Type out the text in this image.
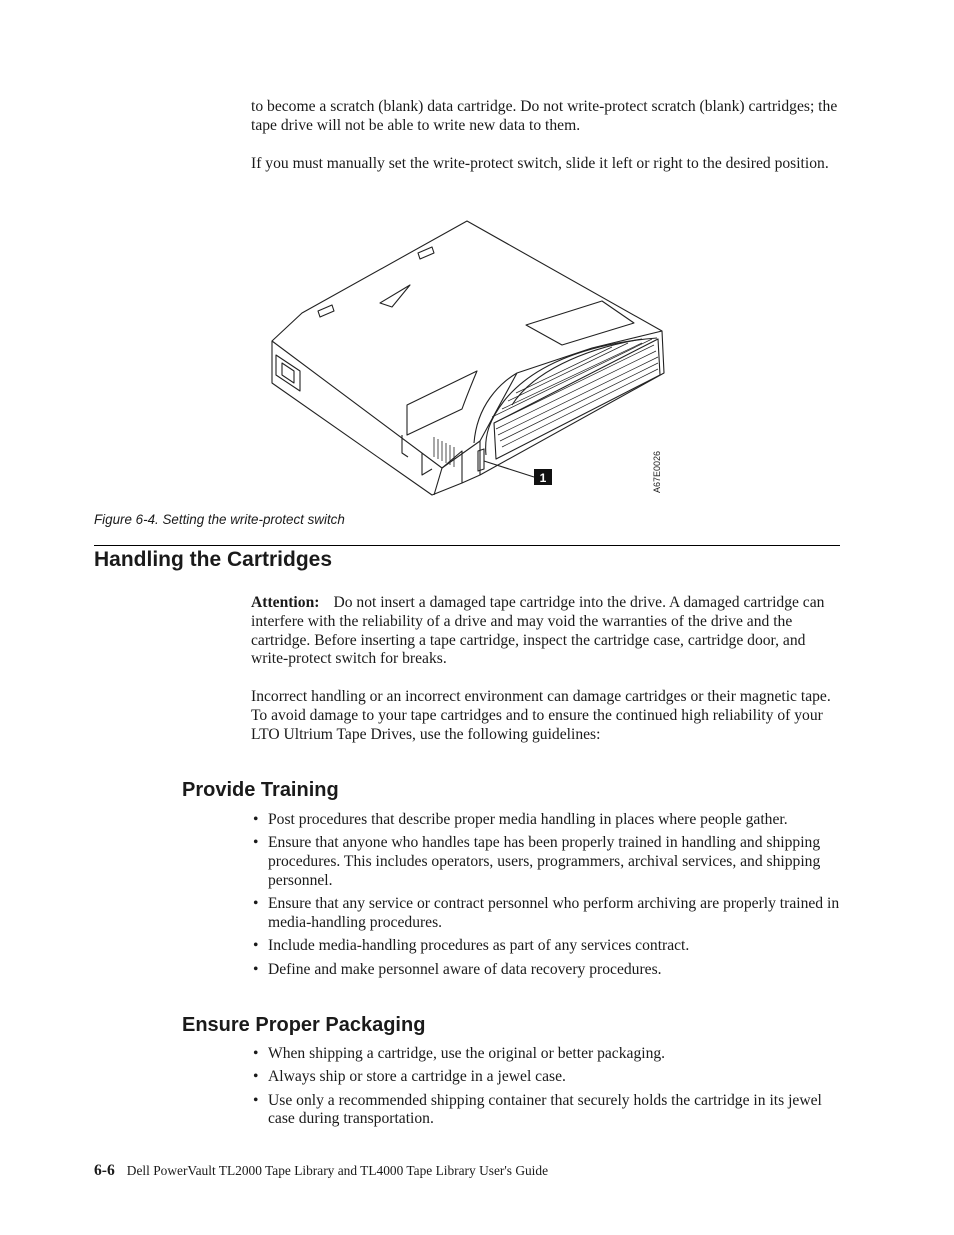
to become a scratch (blank) data cartridge. Do not write-protect scratch (blank) cartridges; the tape drive will not be able to write new data to them.

If you must manually set the write-protect switch, slide it left or right to the desired position.

1	A67E0026

Figure 6-4. Setting the write-protect switch

Handling the Cartridges

Attention: Do not insert a damaged tape cartridge into the drive. A damaged cartridge can interfere with the reliability of a drive and may void the warranties of the drive and the cartridge. Before inserting a tape cartridge, inspect the cartridge case, cartridge door, and write-protect switch for breaks.

Incorrect handling or an incorrect environment can damage cartridges or their magnetic tape. To avoid damage to your tape cartridges and to ensure the continued high reliability of your LTO Ultrium Tape Drives, use the following guidelines:

Provide Training
• Post procedures that describe proper media handling in places where people gather.
• Ensure that anyone who handles tape has been properly trained in handling and shipping procedures. This includes operators, users, programmers, archival services, and shipping personnel.
• Ensure that any service or contract personnel who perform archiving are properly trained in media-handling procedures.
• Include media-handling procedures as part of any services contract.
• Define and make personnel aware of data recovery procedures.
Ensure Proper Packaging
• When shipping a cartridge, use the original or better packaging.
• Always ship or store a cartridge in a jewel case.
• Use only a recommended shipping container that securely holds the cartridge in its jewel case during transportation.
6-6 Dell PowerVault TL2000 Tape Library and TL4000 Tape Library User's Guide
